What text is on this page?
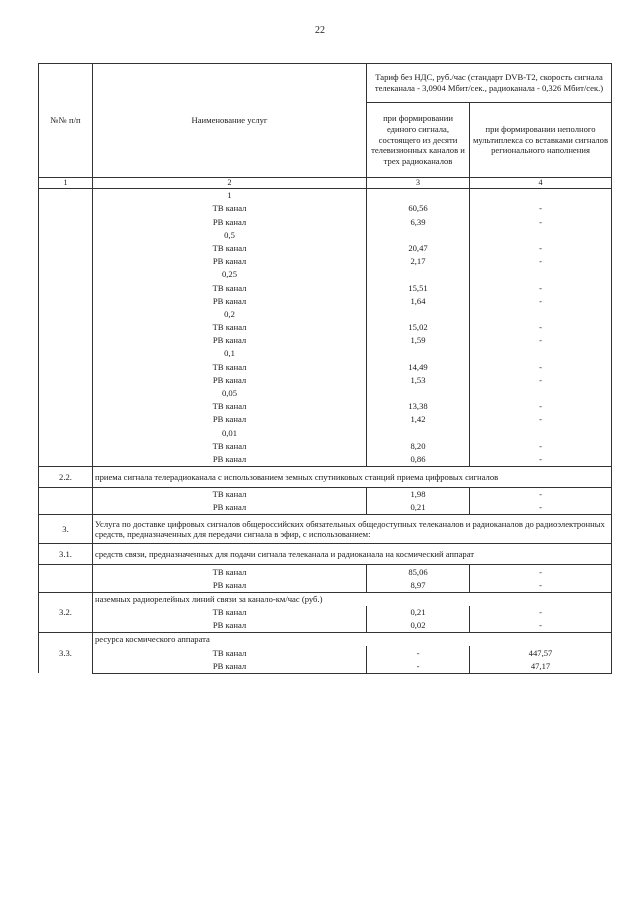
22
№№ п/п	Наименование услуг	Тариф без НДС, руб./час (стандарт DVB-T2, скорость сигнала телеканала - 3,0904 Мбит/сек., радиоканала - 0,326 Мбит/сек.)	
		при формировании единого сигнала, состоящего из десяти телевизионных каналов и трех радиоканалов	при формировании неполного мультиплекса со вставками сигналов регионального наполнения
1	2	3	4
	1		
	ТВ канал	60,56	-
	РВ канал	6,39	-
	0,5		
	ТВ канал	20,47	-
	РВ канал	2,17	-
	0,25		
	ТВ канал	15,51	-
	РВ канал	1,64	-
	0,2		
	ТВ канал	15,02	-
	РВ канал	1,59	-
	0,1		
	ТВ канал	14,49	-
	РВ канал	1,53	-
	0,05		
	ТВ канал	13,38	-
	РВ канал	1,42	-
	0,01		
	ТВ канал	8,20	-
	РВ канал	0,86	-
2.2.	приема сигнала телерадиоканала с использованием земных спутниковых станций приема цифровых сигналов		
	ТВ канал	1,98	-
	РВ канал	0,21	-
3.	Услуга по доставке цифровых сигналов общероссийских обязательных общедоступных телеканалов и радиоканалов до радиоэлектронных средств, предназначенных для передачи сигнала в эфир, с использованием:		
3.1.	средств связи, предназначенных для подачи сигнала телеканала и радиоканала на космический аппарат		
	ТВ канал	85,06	-
	РВ канал	8,97	-
3.2.	наземных радиорелейных линий связи за канало-км/час (руб.)		
	ТВ канал	0,21	-
	РВ канал	0,02	-
3.3.	ресурса космического аппарата		
	ТВ канал	-	447,57
	РВ канал	-	47,17
